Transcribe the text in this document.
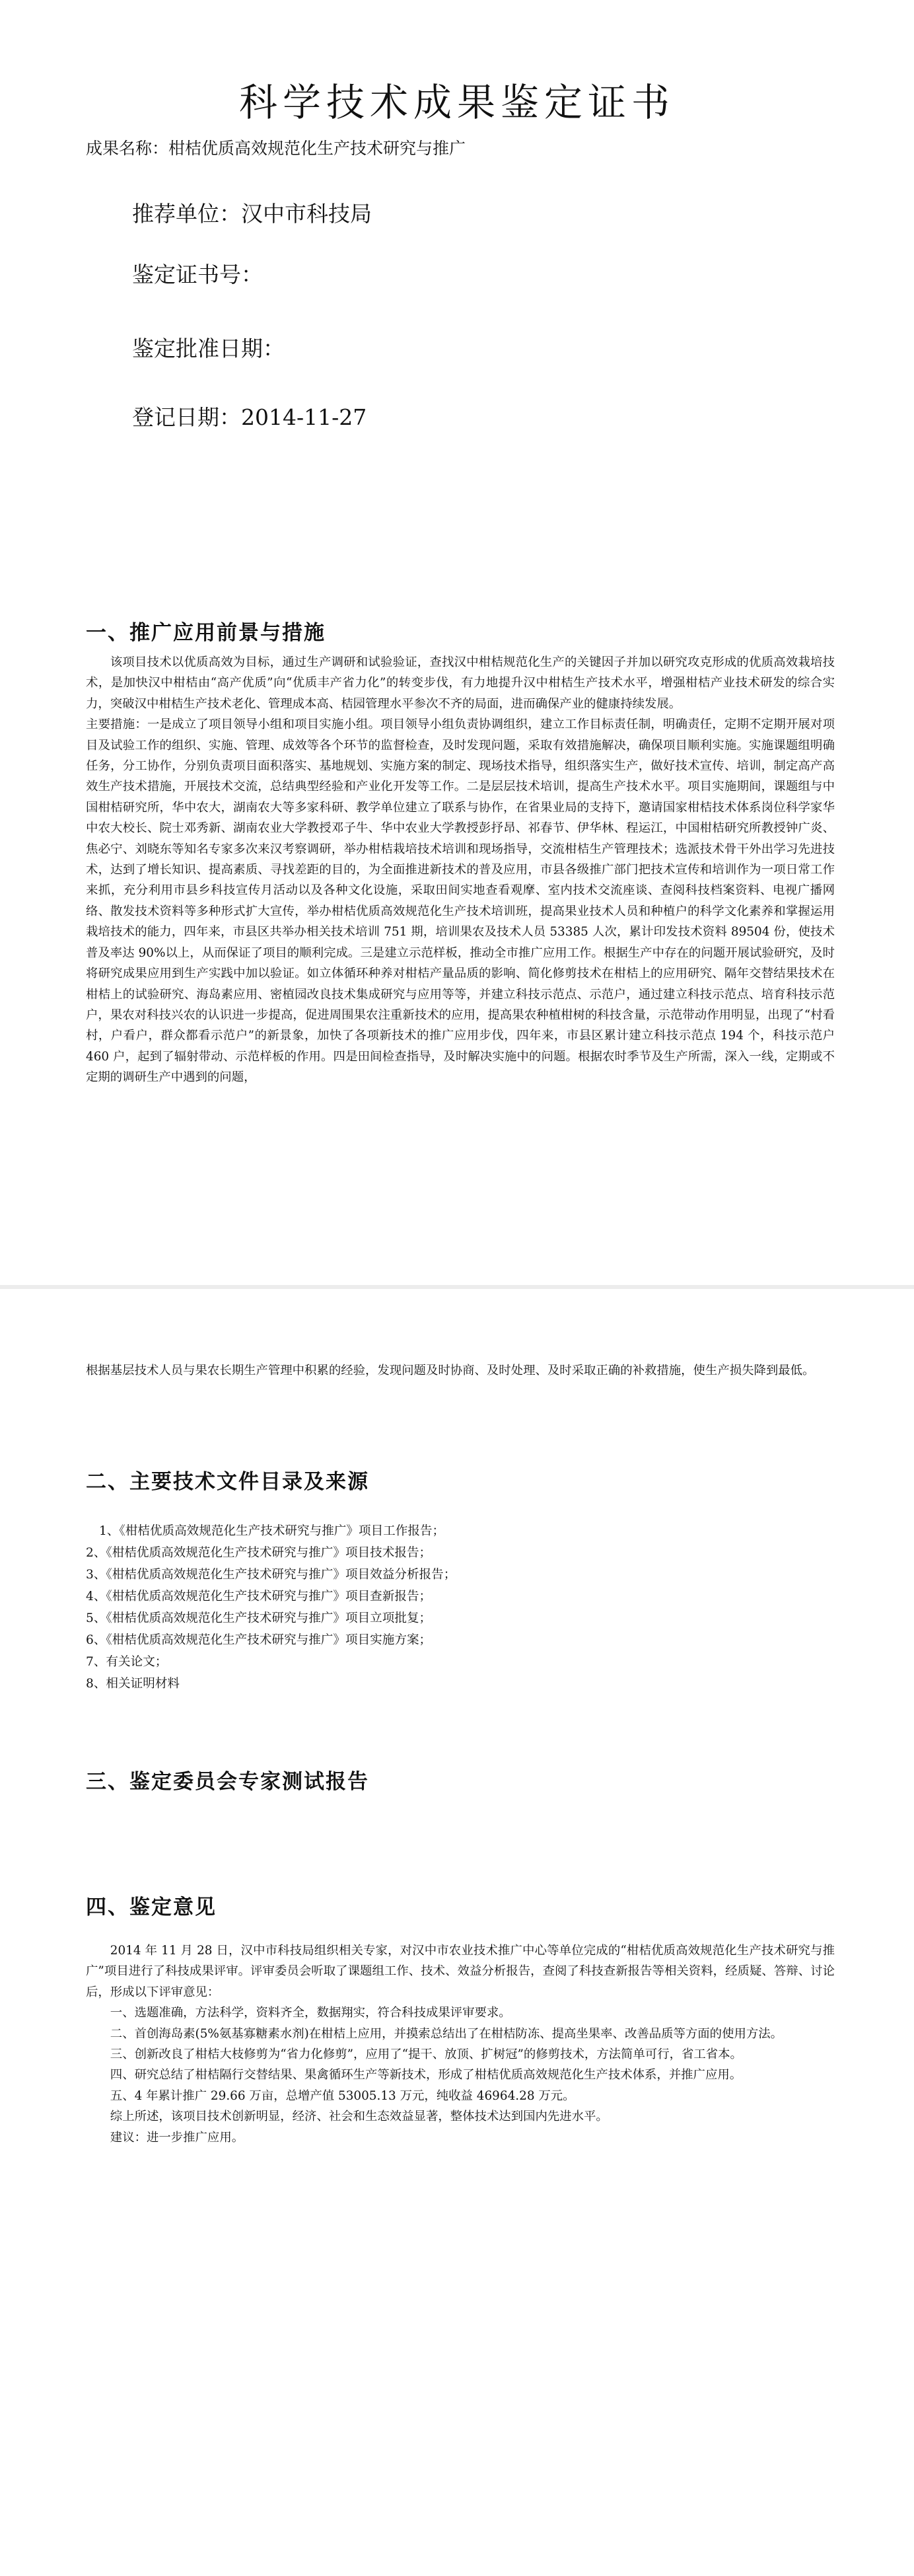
科学技术成果鉴定证书
成果名称：柑桔优质高效规范化生产技术研究与推广
推荐单位：汉中市科技局
鉴定证书号：
鉴定批准日期：
登记日期：2014-11-27
一、推广应用前景与措施

该项目技术以优质高效为目标，通过生产调研和试验验证，查找汉中柑桔规范化生产的关键因子并加以研究攻克形成的优质高效栽培技术，是加快汉中柑桔由“高产优质”向“优质丰产省力化”的转变步伐，有力地提升汉中柑桔生产技术水平，增强柑桔产业技术研发的综合实力，突破汉中柑桔生产技术老化、管理成本高、桔园管理水平参次不齐的局面，进而确保产业的健康持续发展。

主要措施：一是成立了项目领导小组和项目实施小组。项目领导小组负责协调组织，建立工作目标责任制，明确责任，定期不定期开展对项目及试验工作的组织、实施、管理、成效等各个环节的监督检查，及时发现问题，采取有效措施解决，确保项目顺利实施。实施课题组明确任务，分工协作，分别负责项目面积落实、基地规划、实施方案的制定、现场技术指导，组织落实生产，做好技术宣传、培训，制定高产高效生产技术措施，开展技术交流，总结典型经验和产业化开发等工作。二是层层技术培训，提高生产技术水平。项目实施期间，课题组与中国柑桔研究所，华中农大，湖南农大等多家科研、教学单位建立了联系与协作，在省果业局的支持下，邀请国家柑桔技术体系岗位科学家华中农大校长、院士邓秀新、湖南农业大学教授邓子牛、华中农业大学教授彭抒昂、祁春节、伊华林、程运江，中国柑桔研究所教授钟广炎、焦必宁、刘晓东等知名专家多次来汉考察调研，举办柑桔栽培技术培训和现场指导，交流柑桔生产管理技术；选派技术骨干外出学习先进技术，达到了增长知识、提高素质、寻找差距的目的，为全面推进新技术的普及应用，市县各级推广部门把技术宣传和培训作为一项日常工作来抓，充分利用市县乡科技宣传月活动以及各种文化设施，采取田间实地查看观摩、室内技术交流座谈、查阅科技档案资料、电视广播网络、散发技术资料等多种形式扩大宣传，举办柑桔优质高效规范化生产技术培训班，提高果业技术人员和种植户的科学文化素养和掌握运用栽培技术的能力，四年来，市县区共举办相关技术培训 751 期，培训果农及技术人员 53385 人次，累计印发技术资料 89504 份，使技术普及率达 90%以上，从而保证了项目的顺利完成。三是建立示范样板，推动全市推广应用工作。根据生产中存在的问题开展试验研究，及时将研究成果应用到生产实践中加以验证。如立体循环种养对柑桔产量品质的影响、简化修剪技术在柑桔上的应用研究、隔年交替结果技术在柑桔上的试验研究、海岛素应用、密植园改良技术集成研究与应用等等，并建立科技示范点、示范户，通过建立科技示范点、培育科技示范户，果农对科技兴农的认识进一步提高，促进周围果农注重新技术的应用，提高果农种植柑树的科技含量，示范带动作用明显，出现了“村看村，户看户，群众都看示范户”的新景象，加快了各项新技术的推广应用步伐，四年来，市县区累计建立科技示范点 194 个，科技示范户 460 户，起到了辐射带动、示范样板的作用。四是田间检查指导，及时解决实施中的问题。根据农时季节及生产所需，深入一线，定期或不定期的调研生产中遇到的问题，

根据基层技术人员与果农长期生产管理中积累的经验，发现问题及时协商、及时处理、及时采取正确的补救措施，使生产损失降到最低。

二、主要技术文件目录及来源
1、《柑桔优质高效规范化生产技术研究与推广》项目工作报告；
2、《柑桔优质高效规范化生产技术研究与推广》项目技术报告；
3、《柑桔优质高效规范化生产技术研究与推广》项目效益分析报告；
4、《柑桔优质高效规范化生产技术研究与推广》项目查新报告；
5、《柑桔优质高效规范化生产技术研究与推广》项目立项批复；
6、《柑桔优质高效规范化生产技术研究与推广》项目实施方案；
7、有关论文；
8、相关证明材料
三、鉴定委员会专家测试报告
四、鉴定意见

2014 年 11 月 28 日，汉中市科技局组织相关专家，对汉中市农业技术推广中心等单位完成的“柑桔优质高效规范化生产技术研究与推广”项目进行了科技成果评审。评审委员会听取了课题组工作、技术、效益分析报告，查阅了科技查新报告等相关资料，经质疑、答辩、讨论后，形成以下评审意见：

一、选题准确，方法科学，资料齐全，数据翔实，符合科技成果评审要求。

二、首创海岛素(5%氨基寡糖素水剂)在柑桔上应用，并摸索总结出了在柑桔防冻、提高坐果率、改善品质等方面的使用方法。

三、创新改良了柑桔大枝修剪为“省力化修剪”，应用了“提干、放顶、扩树冠”的修剪技术，方法简单可行，省工省本。

四、研究总结了柑桔隔行交替结果、果禽循环生产等新技术，形成了柑桔优质高效规范化生产技术体系，并推广应用。

五、4 年累计推广 29.66 万亩，总增产值 53005.13 万元，纯收益 46964.28 万元。

综上所述，该项目技术创新明显，经济、社会和生态效益显著，整体技术达到国内先进水平。

建议：进一步推广应用。
